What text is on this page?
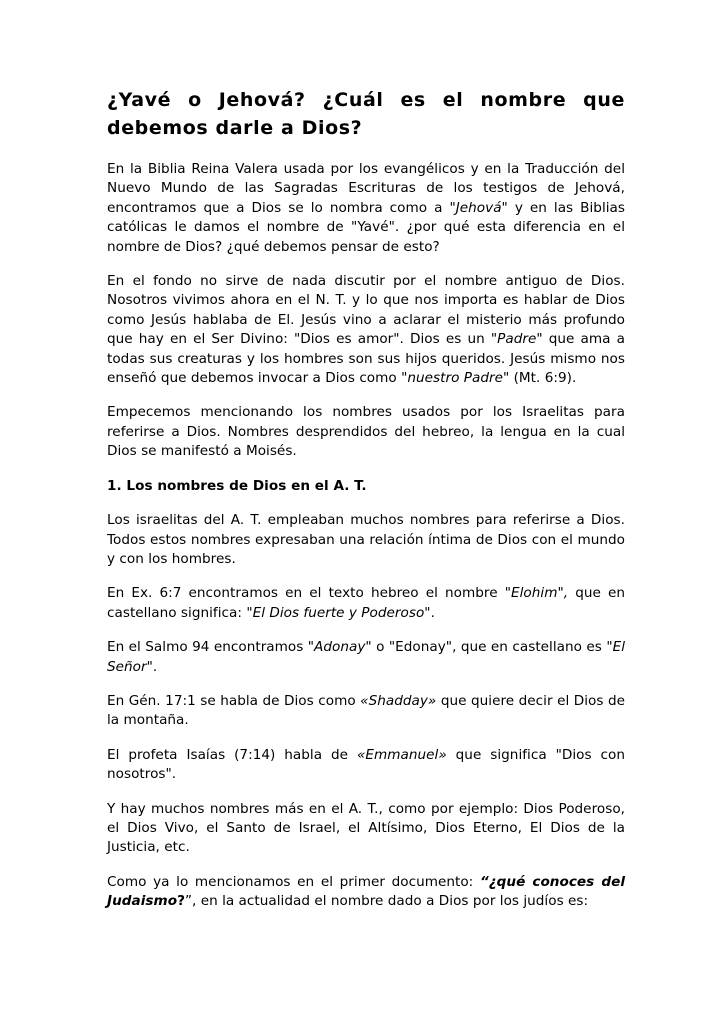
¿Yavé o Jehová? ¿Cuál es el nombre que debemos darle a Dios?

En la Biblia Reina Valera usada por los evangélicos y en la Traducción del Nuevo Mundo de las Sagradas Escrituras de los testigos de Jehová, encontramos que a Dios se lo nombra como a "Jehová" y en las Biblias católicas le damos el nombre de "Yavé". ¿por qué esta diferencia en el nombre de Dios? ¿qué debemos pensar de esto?

En el fondo no sirve de nada discutir por el nombre antiguo de Dios. Nosotros vivimos ahora en el N. T. y lo que nos importa es hablar de Dios como Jesús hablaba de El. Jesús vino a aclarar el misterio más profundo que hay en el Ser Divino: "Dios es amor". Dios es un "Padre" que ama a todas sus creaturas y los hombres son sus hijos queridos. Jesús mismo nos enseñó que debemos invocar a Dios como "nuestro Padre" (Mt. 6:9).

Empecemos mencionando los nombres usados por los Israelitas para referirse a Dios. Nombres desprendidos del hebreo, la lengua en la cual Dios se manifestó a Moisés.

1. Los nombres de Dios en el A. T.

Los israelitas del A. T. empleaban muchos nombres para referirse a Dios. Todos estos nombres expresaban una relación íntima de Dios con el mundo y con los hombres.

En Ex. 6:7 encontramos en el texto hebreo el nombre "Elohim", que en castellano significa: "El Dios fuerte y Poderoso".

En el Salmo 94 encontramos "Adonay" o "Edonay", que en castellano es "El Señor".

En Gén. 17:1 se habla de Dios como «Shadday» que quiere decir el Dios de la montaña.

El profeta Isaías (7:14) habla de «Emmanuel» que significa "Dios con nosotros".

Y hay muchos nombres más en el A. T., como por ejemplo: Dios Poderoso, el Dios Vivo, el Santo de Israel, el Altísimo, Dios Eterno, El Dios de la Justicia, etc.

Como ya lo mencionamos en el primer documento: “¿qué conoces del Judaismo?”, en la actualidad el nombre dado a Dios por los judíos es:
